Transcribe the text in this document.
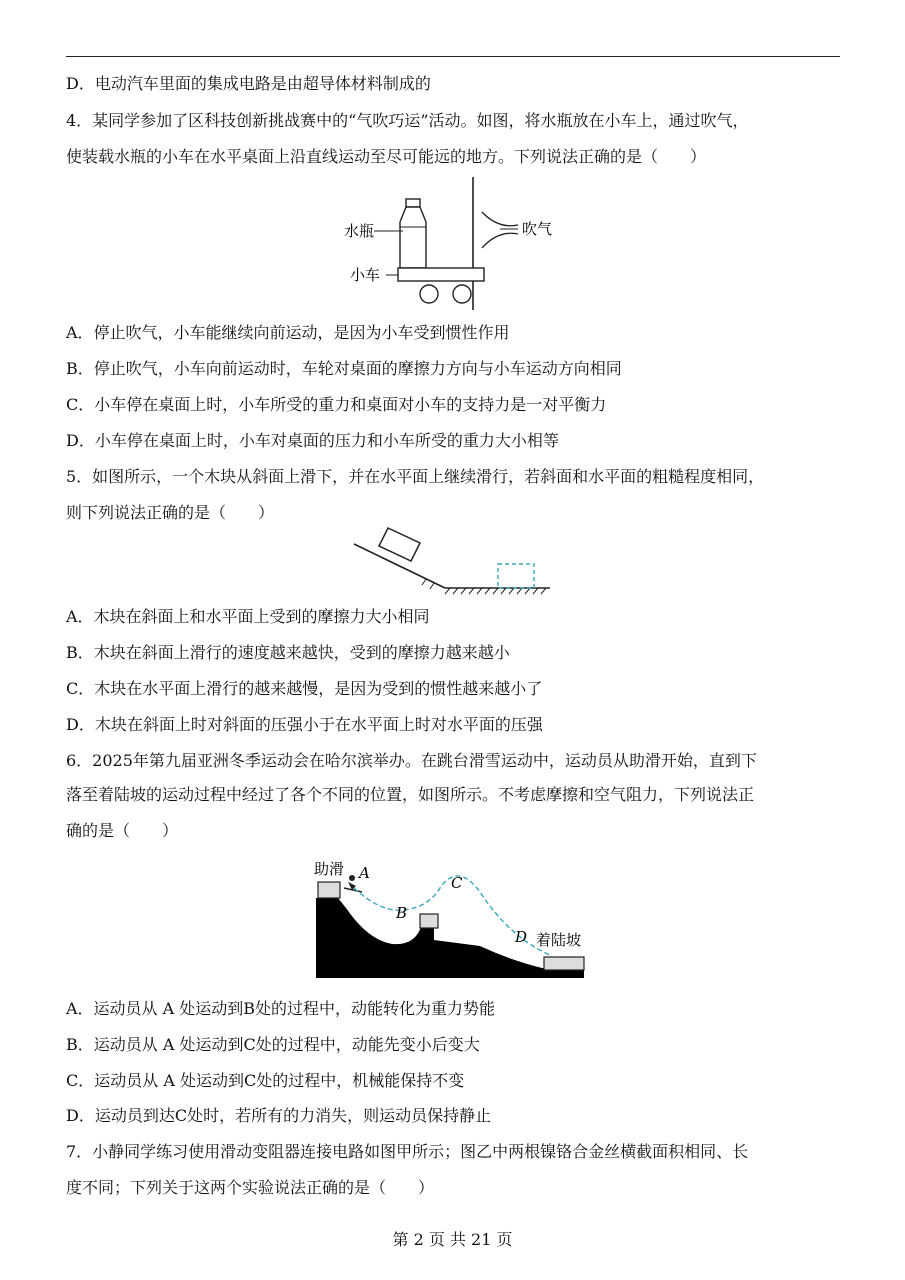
D．电动汽车里面的集成电路是由超导体材料制成的
4．某同学参加了区科技创新挑战赛中的“气吹巧运”活动。如图，将水瓶放在小车上，通过吹气，
使装载水瓶的小车在水平桌面上沿直线运动至尽可能远的地方。下列说法正确的是（　　）
水瓶	吹气
小车
A．停止吹气，小车能继续向前运动，是因为小车受到惯性作用
B．停止吹气，小车向前运动时，车轮对桌面的摩擦力方向与小车运动方向相同
C．小车停在桌面上时，小车所受的重力和桌面对小车的支持力是一对平衡力
D．小车停在桌面上时，小车对桌面的压力和小车所受的重力大小相等
5．如图所示，一个木块从斜面上滑下，并在水平面上继续滑行，若斜面和水平面的粗糙程度相同，
则下列说法正确的是（　　）
A．木块在斜面上和水平面上受到的摩擦力大小相同
B．木块在斜面上滑行的速度越来越快，受到的摩擦力越来越小
C．木块在水平面上滑行的越来越慢，是因为受到的惯性越来越小了
D．木块在斜面上时对斜面的压强小于在水平面上时对水平面的压强
6．2025年第九届亚洲冬季运动会在哈尔滨举办。在跳台滑雪运动中，运动员从助滑开始，直到下
落至着陆坡的运动过程中经过了各个不同的位置，如图所示。不考虑摩擦和空气阻力，下列说法正
确的是（　　）
助滑 A
B
C
D 着陆坡
A．运动员从 A 处运动到B处的过程中，动能转化为重力势能
B．运动员从 A 处运动到C处的过程中，动能先变小后变大
C．运动员从 A 处运动到C处的过程中，机械能保持不变
D．运动员到达C处时，若所有的力消失，则运动员保持静止
7．小静同学练习使用滑动变阻器连接电路如图甲所示；图乙中两根镍铬合金丝横截面积相同、长
度不同；下列关于这两个实验说法正确的是（　　）
第 2 页 共 21 页
